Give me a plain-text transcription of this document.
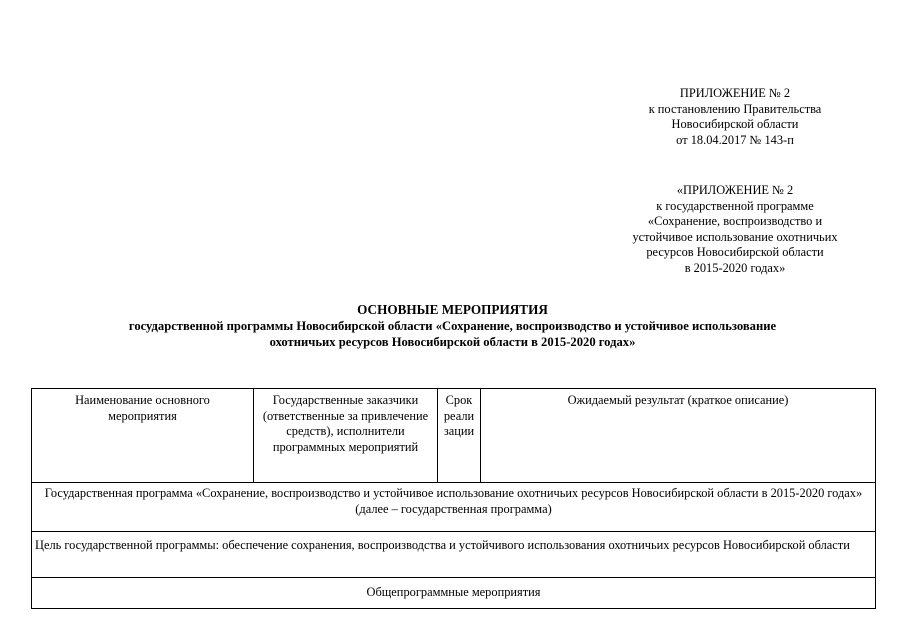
ПРИЛОЖЕНИЕ № 2
к постановлению Правительства
Новосибирской области
от 18.04.2017 № 143-п
«ПРИЛОЖЕНИЕ № 2
к государственной программе
«Сохранение, воспроизводство и
устойчивое использование охотничьих
ресурсов Новосибирской области
в 2015-2020 годах»
ОСНОВНЫЕ МЕРОПРИЯТИЯ
государственной программы Новосибирской области «Сохранение, воспроизводство и устойчивое использование
охотничьих ресурсов Новосибирской области в 2015-2020 годах»
Наименование основного мероприятия	Государственные заказчики (ответственные за привлечение средств), исполнители программных мероприятий	Срок реали зации	Ожидаемый результат (краткое описание)
Государственная программа «Сохранение, воспроизводство и устойчивое использование охотничьих ресурсов Новосибирской области в 2015-2020 годах» (далее – государственная программа)
Цель государственной программы: обеспечение сохранения, воспроизводства и устойчивого использования охотничьих ресурсов Новосибирской области
Общепрограммные мероприятия
